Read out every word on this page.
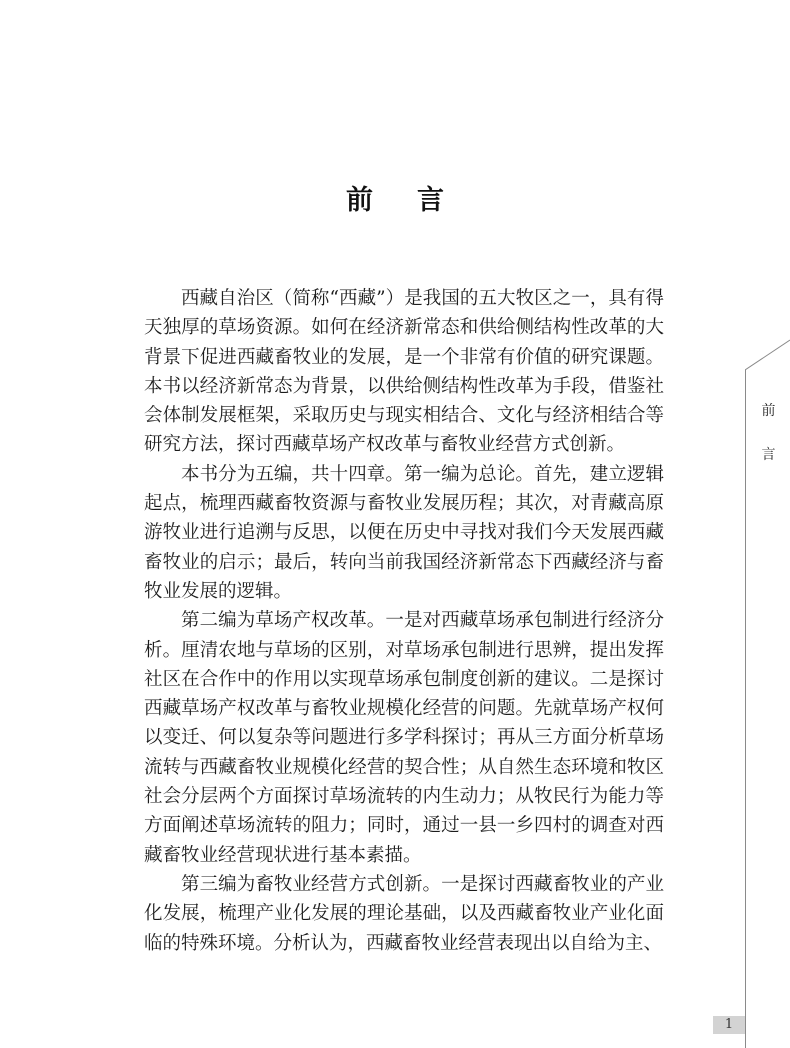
前言

西藏自治区（简称“西藏”）是我国的五大牧区之一，具有得天独厚的草场资源。如何在经济新常态和供给侧结构性改革的大背景下促进西藏畜牧业的发展，是一个非常有价值的研究课题。本书以经济新常态为背景，以供给侧结构性改革为手段，借鉴社会体制发展框架，采取历史与现实相结合、文化与经济相结合等研究方法，探讨西藏草场产权改革与畜牧业经营方式创新。

本书分为五编，共十四章。第一编为总论。首先，建立逻辑起点，梳理西藏畜牧资源与畜牧业发展历程；其次，对青藏高原游牧业进行追溯与反思，以便在历史中寻找对我们今天发展西藏畜牧业的启示；最后，转向当前我国经济新常态下西藏经济与畜牧业发展的逻辑。

第二编为草场产权改革。一是对西藏草场承包制进行经济分析。厘清农地与草场的区别，对草场承包制进行思辨，提出发挥社区在合作中的作用以实现草场承包制度创新的建议。二是探讨西藏草场产权改革与畜牧业规模化经营的问题。先就草场产权何以变迁、何以复杂等问题进行多学科探讨；再从三方面分析草场流转与西藏畜牧业规模化经营的契合性；从自然生态环境和牧区社会分层两个方面探讨草场流转的内生动力；从牧民行为能力等方面阐述草场流转的阻力；同时，通过一县一乡四村的调查对西藏畜牧业经营现状进行基本素描。

第三编为畜牧业经营方式创新。一是探讨西藏畜牧业的产业化发展，梳理产业化发展的理论基础，以及西藏畜牧业产业化面临的特殊环境。分析认为，西藏畜牧业经营表现出以自给为主、

前
言
1
